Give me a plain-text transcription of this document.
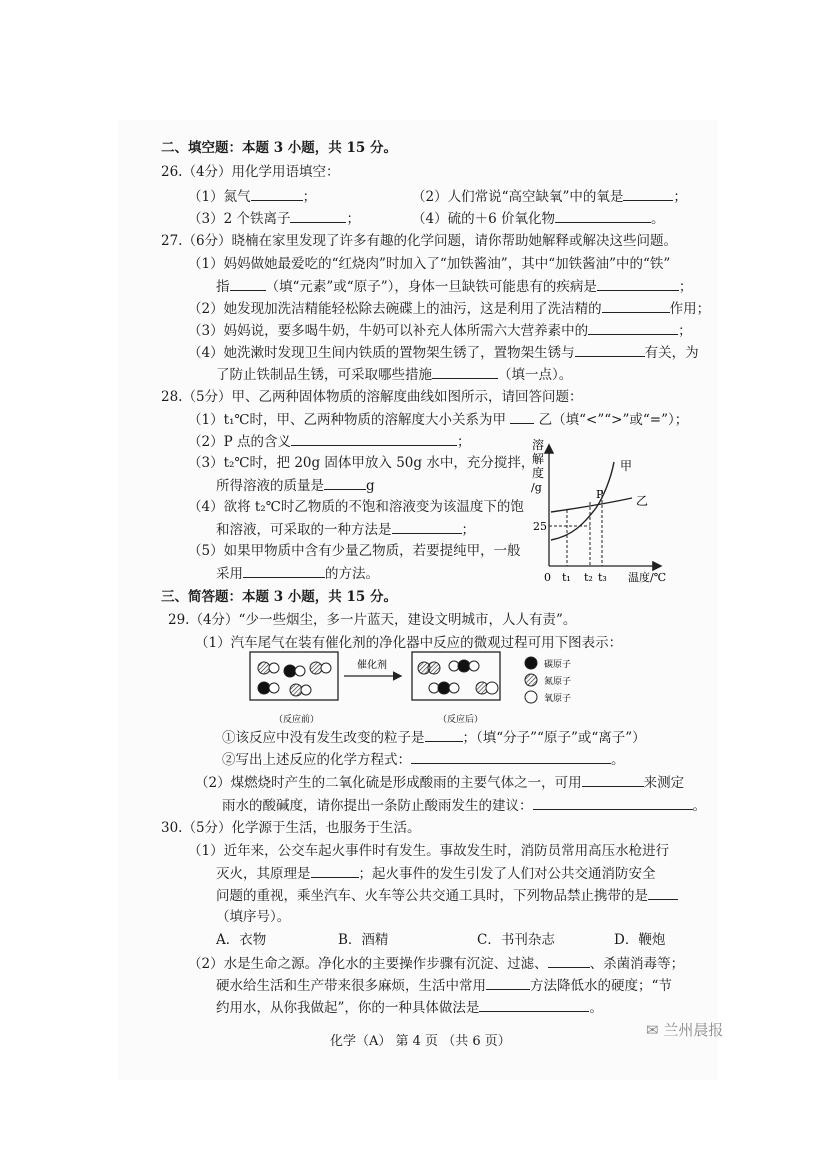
二、填空题：本题 3 小题，共 15 分。
26.（4分）用化学用语填空：
（1）氮气	；	（2）人们常说“高空缺氧”中的氧是	；
（3）2 个铁离子	；	（4）硫的＋6 价氧化物	。
27.（6分）晓楠在家里发现了许多有趣的化学问题，请你帮助她解释或解决这些问题。
（1）妈妈做她最爱吃的“红烧肉”时加入了“加铁酱油”，其中“加铁酱油”中的“铁”
指	（填“元素”或“原子”），身体一旦缺铁可能患有的疾病是	；
（2）她发现加洗洁精能轻松除去碗碟上的油污，这是利用了洗洁精的	作用；
（3）妈妈说，要多喝牛奶，牛奶可以补充人体所需六大营养素中的	；
（4）她洗漱时发现卫生间内铁质的置物架生锈了，置物架生锈与	有关，为
了防止铁制品生锈，可采取哪些措施	（填一点）。
28.（5分）甲、乙两种固体物质的溶解度曲线如图所示，请回答问题：
（1）t₁℃时，甲、乙两种物质的溶解度大小关系为甲 乙（填“<”“>”或“=”）；
（2）P 点的含义	；
（3）t₂℃时，把 20g 固体甲放入 50g 水中，充分搅拌，
所得溶液的质量是	g
（4）欲将 t₂℃时乙物质的不饱和溶液变为该温度下的饱
和溶液，可采取的一种方法是	；
（5）如果甲物质中含有少量乙物质，若要提纯甲，一般
采用	的方法。
溶
解
度
/g
甲
乙
P
25
0 t₁ t₂ t₃ 温度/℃
三、简答题：本题 3 小题，共 15 分。
29.（4分）“少一些烟尘，多一片蓝天，建设文明城市，人人有责”。
（1）汽车尾气在装有催化剂的净化器中反应的微观过程可用下图表示：
催化剂
（反应前）	（反应后）
碳原子
氮原子
氧原子
①该反应中没有发生改变的粒子是	；（填“分子”“原子”或“离子”）
②写出上述反应的化学方程式：	。
（2）煤燃烧时产生的二氧化硫是形成酸雨的主要气体之一，可用	来测定
雨水的酸碱度，请你提出一条防止酸雨发生的建议：	。
30.（5分）化学源于生活，也服务于生活。
（1）近年来，公交车起火事件时有发生。事故发生时，消防员常用高压水枪进行
灭火，其原理是	；起火事件的发生引发了人们对公共交通消防安全
问题的重视，乘坐汽车、火车等公共交通工具时，下列物品禁止携带的是
（填序号）。
A．衣物	B．酒精	C．书刊杂志	D．鞭炮
（2）水是生命之源。净化水的主要操作步骤有沉淀、过滤、	、杀菌消毒等；
硬水给生活和生产带来很多麻烦，生活中常用	方法降低水的硬度；“节
约用水，从你我做起”，你的一种具体做法是	。
化学（A） 第 4 页 （共 6 页）
✉ 兰州晨报
